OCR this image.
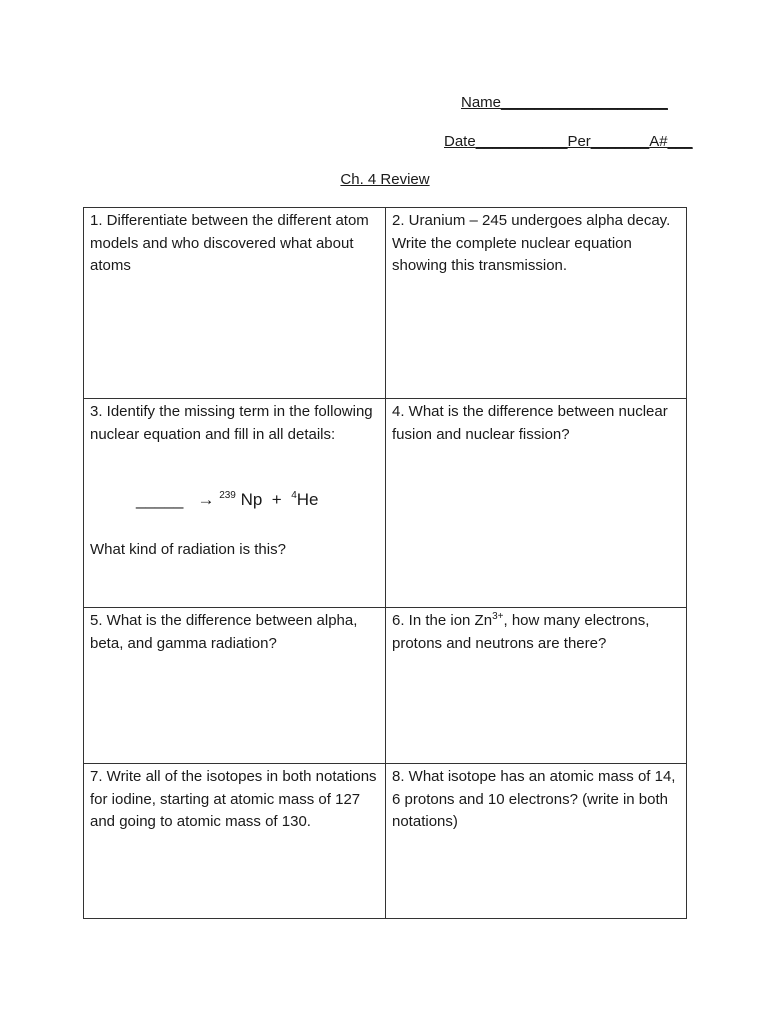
Name____________________
Date___________Per_______A#___
Ch. 4 Review
1. Differentiate between the different atom models and who discovered what about atoms
2. Uranium – 245 undergoes alpha decay. Write the complete nuclear equation showing this transmission.
3. Identify the missing term in the following nuclear equation and fill in all details:
_____ → $^{239}$ Np + $^4$He
What kind of radiation is this?
4. What is the difference between nuclear fusion and nuclear fission?
5. What is the difference between alpha, beta, and gamma radiation?
6. In the ion $Zn^{3+}$, how many electrons, protons and neutrons are there?
7. Write all of the isotopes in both notations for iodine, starting at atomic mass of 127 and going to atomic mass of 130.
8. What isotope has an atomic mass of 14, 6 protons and 10 electrons? (write in both notations)
